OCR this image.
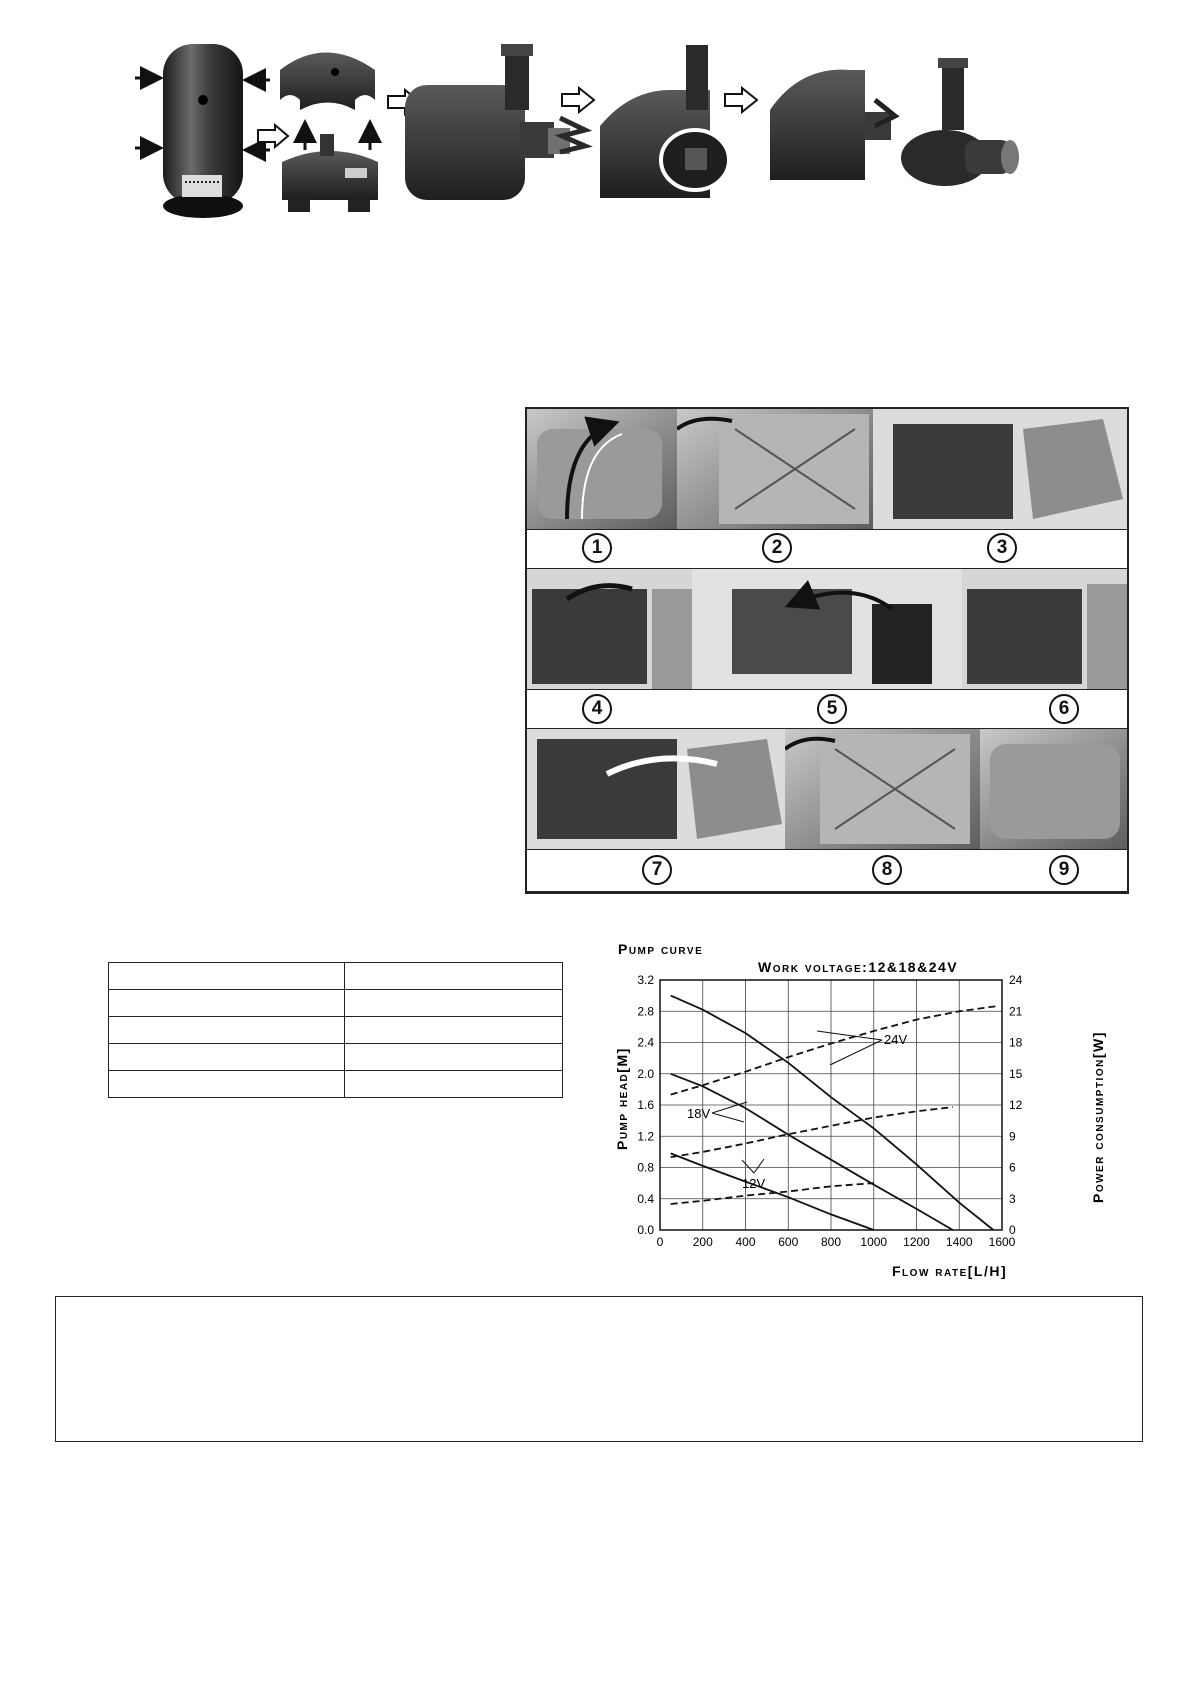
1	2	3
4	5	6
7	8	9

Pump curve
Work voltage:12&18&24V
0 200 400 600 800 1000 1200 1400 1600
0.0
0.4
0.8
1.2
1.6
2.0
2.4
2.8
3.2
0
3
6
9
12
15
18
21
24
24V
18V
12V
Pump head[M]	Power consumption[W]
Flow rate[L/H]
